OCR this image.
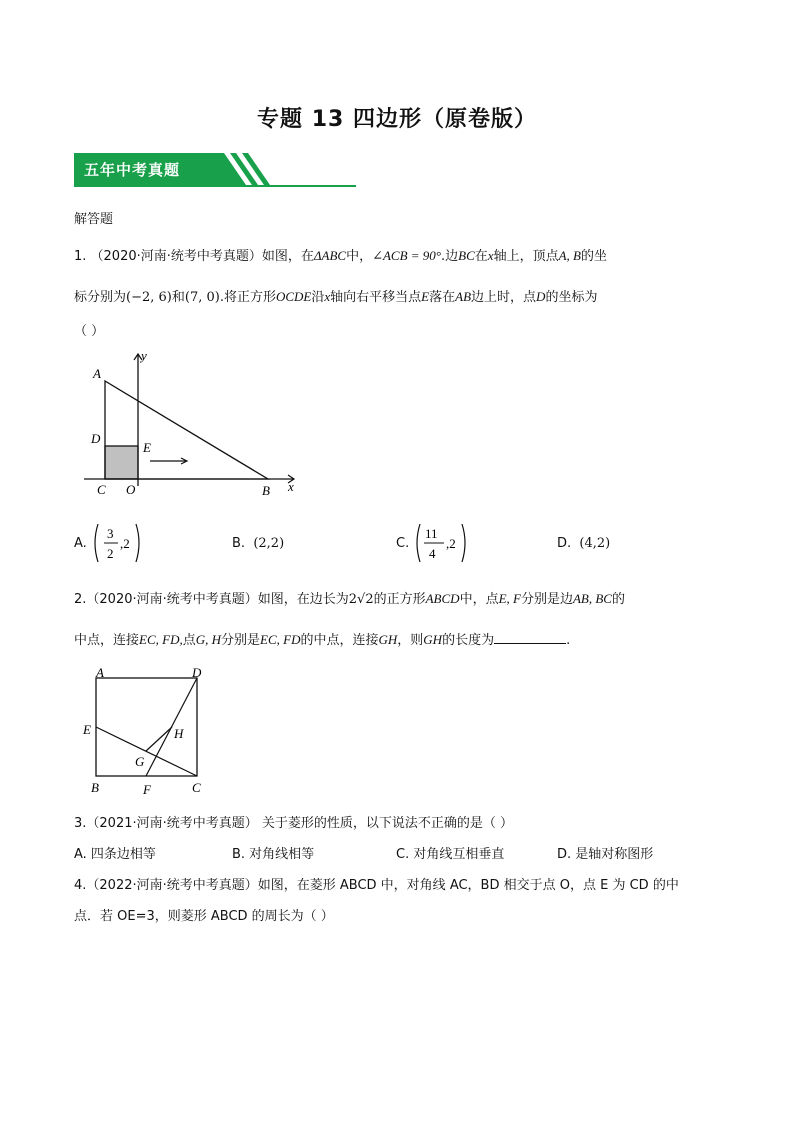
专题 13 四边形（原卷版）
五年中考真题
解答题
1. （2020·河南·统考中考真题）如图，在ΔABC中，∠ACB = 90°.边BC在x轴上，顶点A, B的坐
标分别为(−2, 6)和(7, 0).将正方形OCDE沿x轴向右平移当点E落在AB边上时，点D的坐标为
（ ）
A
D
E
C O	B x
y
A.
3
2
,2	B. (2,2)	C.
11
4
,2	D. (4,2)
2.（2020·河南·统考中考真题）如图，在边长为2√2的正方形ABCD中，点E, F分别是边AB, BC的
中点，连接EC, FD,点G, H分别是EC, FD的中点，连接GH，则GH的长度为	.
A	D
E	H
G
B	F	C
3.（2021·河南·统考中考真题） 关于菱形的性质，以下说法不正确的是（ ）
A. 四条边相等	B. 对角线相等	C. 对角线互相垂直	D. 是轴对称图形
4.（2022·河南·统考中考真题）如图，在菱形 ABCD 中，对角线 AC，BD 相交于点 O，点 E 为 CD 的中
点．若 OE=3，则菱形 ABCD 的周长为（ ）
